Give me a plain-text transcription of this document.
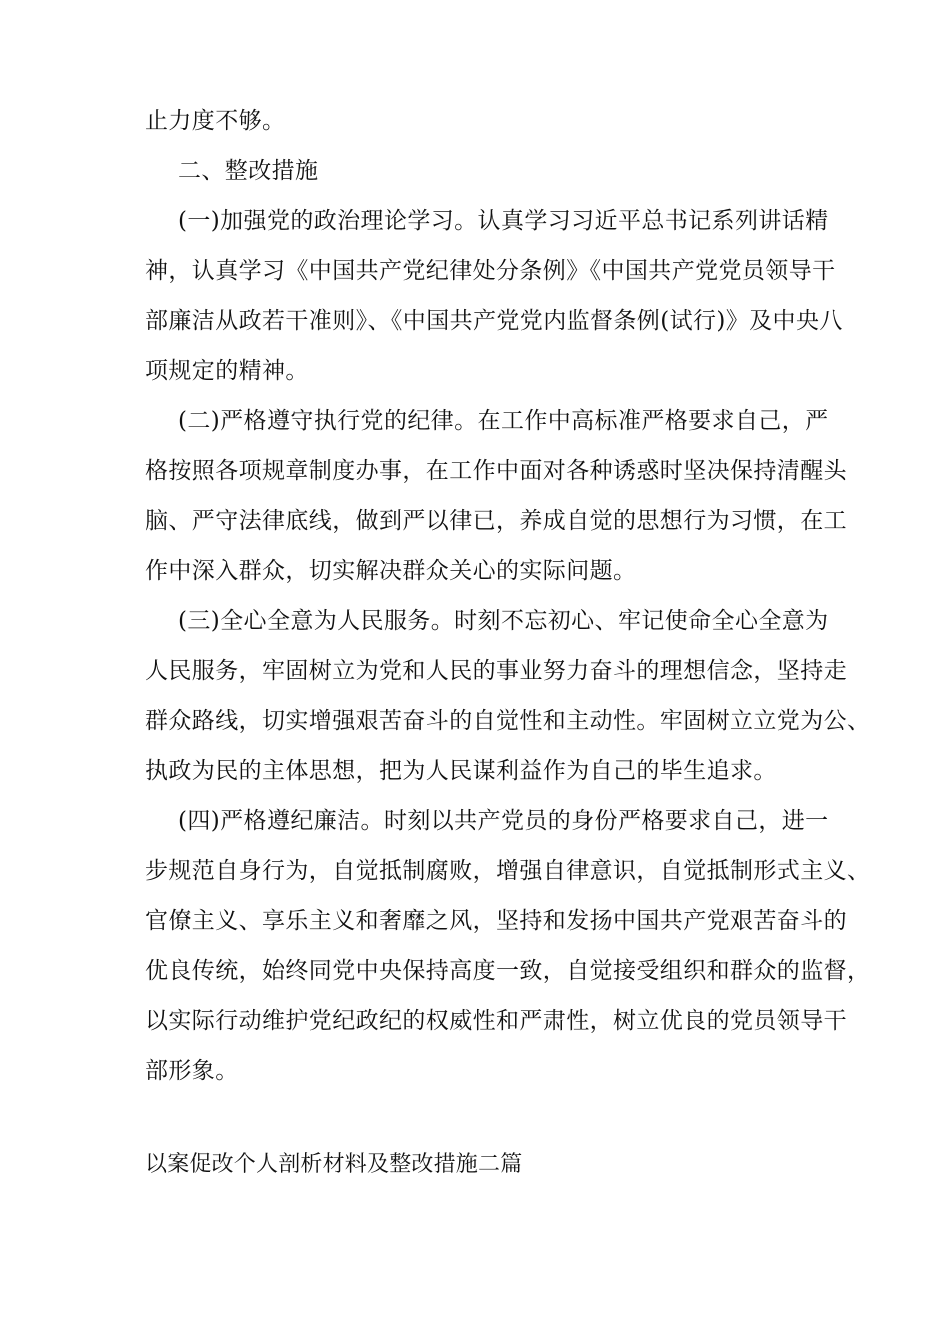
止力度不够。
二、整改措施
(一)加强党的政治理论学习。认真学习习近平总书记系列讲话精
神，认真学习《中国共产党纪律处分条例》《中国共产党党员领导干
部廉洁从政若干准则》、《中国共产党党内监督条例(试行)》及中央八
项规定的精神。
(二)严格遵守执行党的纪律。在工作中高标准严格要求自己，严
格按照各项规章制度办事，在工作中面对各种诱惑时坚决保持清醒头
脑、严守法律底线，做到严以律已，养成自觉的思想行为习惯，在工
作中深入群众，切实解决群众关心的实际问题。
(三)全心全意为人民服务。时刻不忘初心、牢记使命全心全意为
人民服务，牢固树立为党和人民的事业努力奋斗的理想信念，坚持走
群众路线，切实增强艰苦奋斗的自觉性和主动性。牢固树立立党为公、
执政为民的主体思想，把为人民谋利益作为自己的毕生追求。
(四)严格遵纪廉洁。时刻以共产党员的身份严格要求自己，进一
步规范自身行为，自觉抵制腐败，增强自律意识，自觉抵制形式主义、
官僚主义、享乐主义和奢靡之风，坚持和发扬中国共产党艰苦奋斗的
优良传统，始终同党中央保持高度一致，自觉接受组织和群众的监督，
以实际行动维护党纪政纪的权威性和严肃性，树立优良的党员领导干
部形象。
以案促改个人剖析材料及整改措施二篇
